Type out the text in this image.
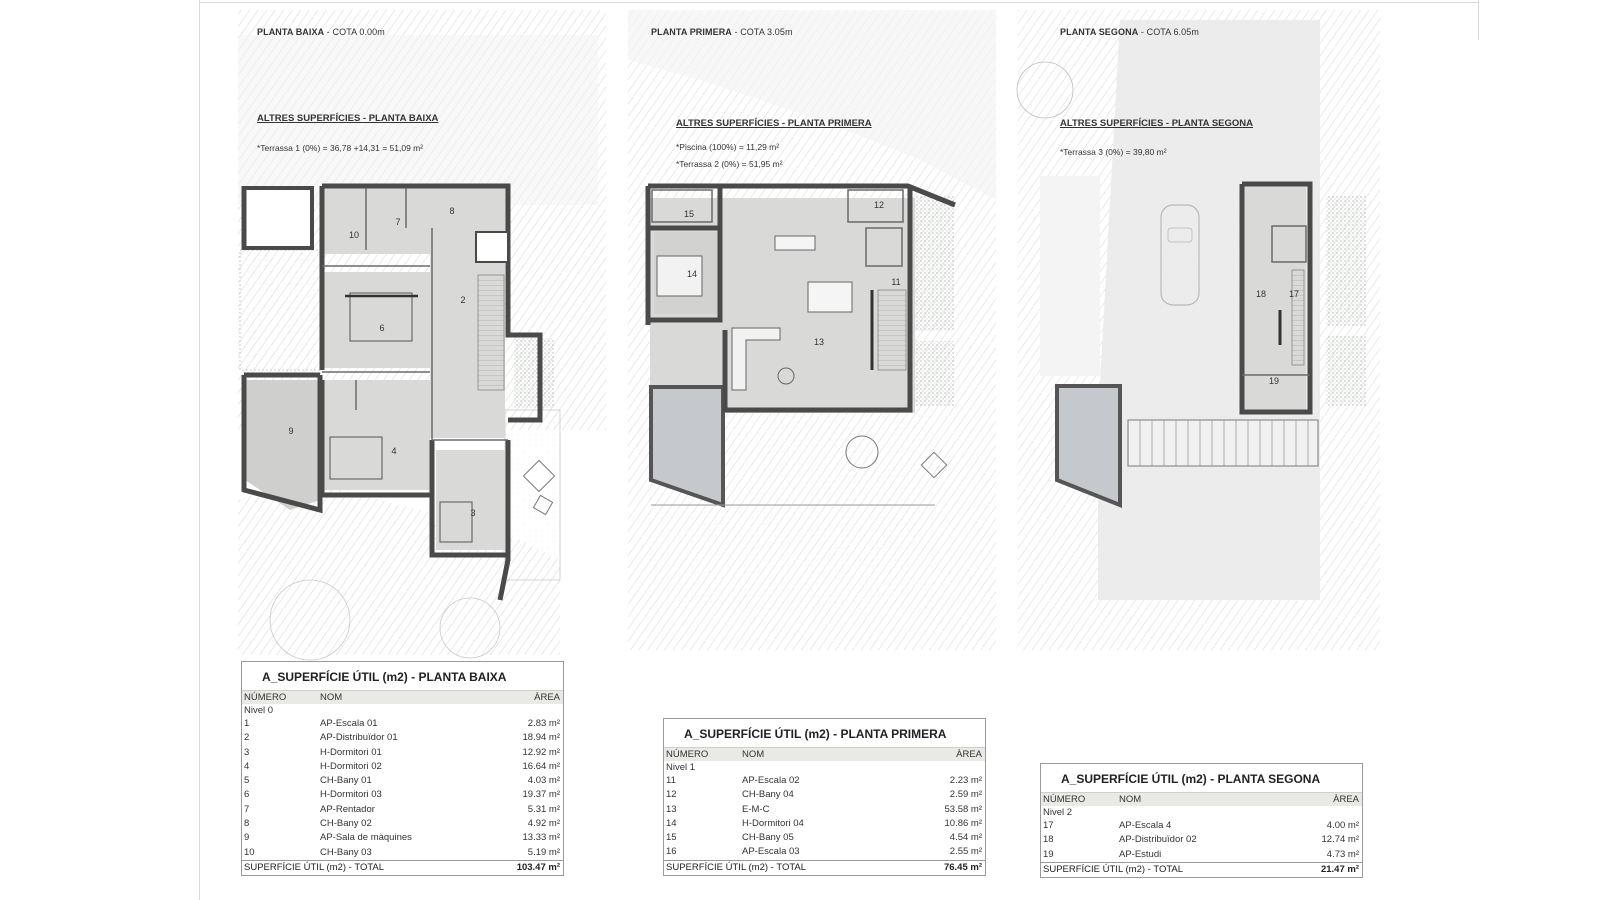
PLANTA BAIXA - COTA 0.00m	PLANTA PRIMERA - COTA 3.05m	PLANTA SEGONA - COTA 6.05m
ALTRES SUPERFÍCIES - PLANTA BAIXA
*Terrassa 1 (0%) = 36,78 +14,31 = 51,09 m²
ALTRES SUPERFÍCIES - PLANTA PRIMERA
*Piscina (100%) = 11,29 m²
*Terrassa 2 (0%) = 51,95 m²
ALTRES SUPERFÍCIES - PLANTA SEGONA
*Terrassa 3 (0%) = 39,80 m²
7
8
10
2
6
9
4
3
15
12
14
11
13
18	17
19
A_SUPERFÍCIE ÚTIL (m2) - PLANTA BAIXA
NÚMERO	NOM	ÀREA
Nivel 0
1	AP-Escala 01	2.83 m²
2	AP-Distribuïdor 01	18.94 m²
3	H-Dormitori 01	12.92 m²
4	H-Dormitori 02	16.64 m²
5	CH-Bany 01	4.03 m²
6	H-Dormitori 03	19.37 m²
7	AP-Rentador	5.31 m²
8	CH-Bany 02	4.92 m²
9	AP-Sala de màquines	13.33 m²
10	CH-Bany 03	5.19 m²
SUPERFÍCIE ÚTIL (m2) - TOTAL	103.47 m²
A_SUPERFÍCIE ÚTIL (m2) - PLANTA PRIMERA
NÚMERO	NOM	ÀREA
Nivel 1
11	AP-Escala 02	2.23 m²
12	CH-Bany 04	2.59 m²
13	E-M-C	53.58 m²
14	H-Dormitori 04	10.86 m²
15	CH-Bany 05	4.54 m²
16	AP-Escala 03	2.55 m²
SUPERFÍCIE ÚTIL (m2) - TOTAL	76.45 m²
A_SUPERFÍCIE ÚTIL (m2) - PLANTA SEGONA
NÚMERO	NOM	ÀREA
Nivel 2
17	AP-Escala 4	4.00 m²
18	AP-Distribuïdor 02	12.74 m²
19	AP-Estudi	4.73 m²
SUPERFÍCIE ÚTIL (m2) - TOTAL	21.47 m²
